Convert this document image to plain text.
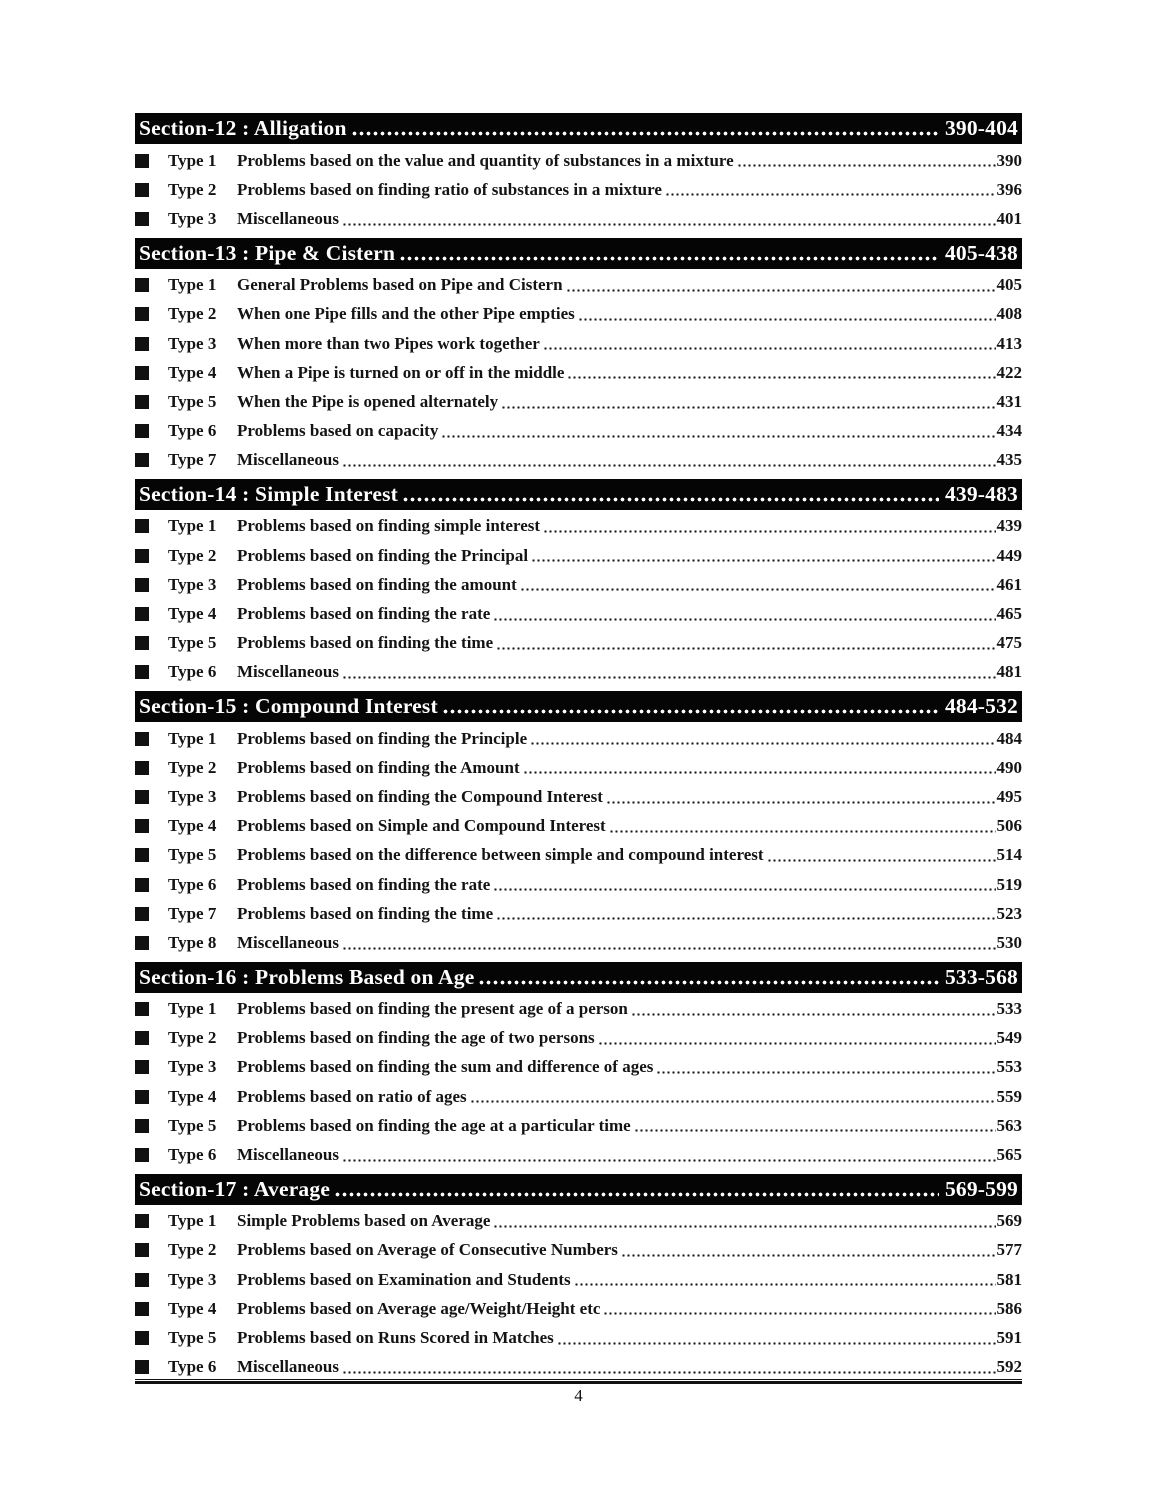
Section-12 : Alligation	390-404
Type 1	Problems based on the value and quantity of substances in a mixture	390
Type 2	Problems based on finding ratio of substances in a mixture	396
Type 3	Miscellaneous	401
Section-13 : Pipe & Cistern	405-438
Type 1	General Problems based on Pipe and Cistern	405
Type 2	When one Pipe fills and the other Pipe empties	408
Type 3	When more than two Pipes work together	413
Type 4	When a Pipe is turned on or off in the middle	422
Type 5	When the Pipe is opened alternately	431
Type 6	Problems based on capacity	434
Type 7	Miscellaneous	435
Section-14 : Simple Interest	439-483
Type 1	Problems based on finding simple interest	439
Type 2	Problems based on finding the Principal	449
Type 3	Problems based on finding the amount	461
Type 4	Problems based on finding the rate	465
Type 5	Problems based on finding the time	475
Type 6	Miscellaneous	481
Section-15 : Compound Interest	484-532
Type 1	Problems based on finding the Principle	484
Type 2	Problems based on finding the Amount	490
Type 3	Problems based on finding the Compound Interest	495
Type 4	Problems based on Simple and Compound Interest	506
Type 5	Problems based on the difference between simple and compound interest	514
Type 6	Problems based on finding the rate	519
Type 7	Problems based on finding the time	523
Type 8	Miscellaneous	530
Section-16 : Problems Based on Age	533-568
Type 1	Problems based on finding the present age of a person	533
Type 2	Problems based on finding the age of two persons	549
Type 3	Problems based on finding the sum and difference of ages	553
Type 4	Problems based on ratio of ages	559
Type 5	Problems based on finding the age at a particular time	563
Type 6	Miscellaneous	565
Section-17 : Average	569-599
Type 1	Simple Problems based on Average	569
Type 2	Problems based on Average of Consecutive Numbers	577
Type 3	Problems based on Examination and Students	581
Type 4	Problems based on Average age/Weight/Height etc	586
Type 5	Problems based on Runs Scored in Matches	591
Type 6	Miscellaneous	592
4
